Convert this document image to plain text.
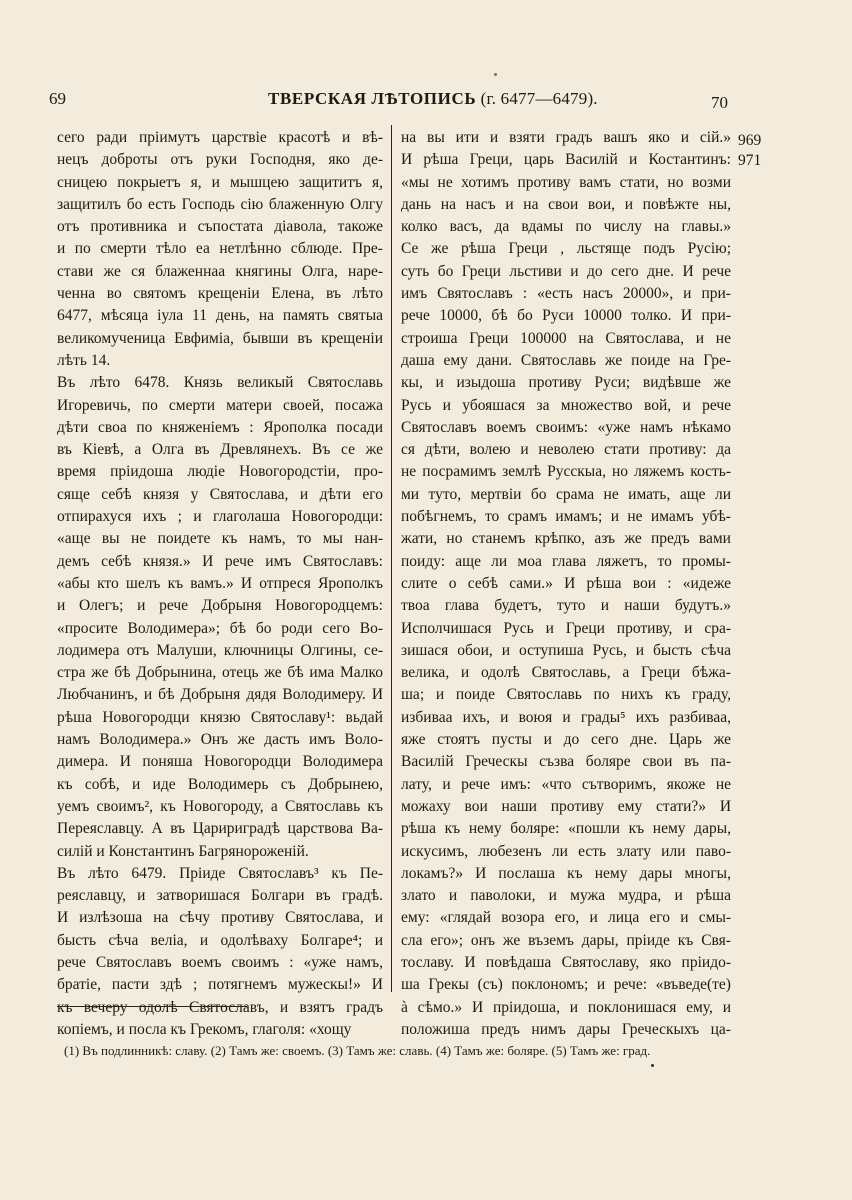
69	ТВЕРСКАЯ ЛѢТОПИСЬ (г. 6477—6479).	70
сего ради прiимутъ царствiе красотѣ и вѣ-
нецъ доброты отъ руки Господня, яко де-
сницею покрыетъ я, и мышцею защититъ я,
защитилъ бо есть Господь сiю блаженную Олгу
отъ противника и съпостата дiавола, такоже
и по смерти тѣло еа нетлѣнно сблюде. Пре-
стави же ся блаженнаа княгины Олга, наре-
ченна во святомъ крещенiи Елена, въ лѣто
6477, мѣсяца iула 11 день, на память святыа
великомученица Евфимiа, бывши въ крещенiи
лѣть 14.
Въ лѣто 6478. Князь великый Святославь
Игоревичь, по смерти матери своей, посажа
дѣти своа по княженiемъ : Ярополка посади
въ Кiевѣ, а Олга въ Древлянехъ. Въ се же
время прiидоша людiе Новогородстiи, про-
сяще себѣ князя у Святослава, и дѣти его
отпирахуся ихъ ; и глаголаша Новогородци:
«аще вы не поидете къ намъ, то мы нан-
демъ себѣ князя.» И рече имъ Святославъ:
«абы кто шелъ къ вамъ.» И отпреся Ярополкъ
и Олегъ; и рече Добрыня Новогородцемъ:
«просите Володимера»; бѣ бо роди сего Во-
лодимера отъ Малуши, ключницы Олгины, се-
стра же бѣ Добрынина, отець же бѣ има Малко
Любчанинъ, и бѣ Добрыня дядя Володимеру. И
рѣша Новогородци князю Святославу¹: вьдай
намъ Володимера.» Онъ же дасть имъ Воло-
димера. И поняша Новогородци Володимера
къ собѣ, и иде Володимерь съ Добрынею,
уемъ своимъ², къ Новогороду, а Святославь къ
Переяславцу. А въ Царириградѣ царствова Ва-
силiй и Константинъ Багрянороженiй.
Въ лѣто 6479. Прiиде Святославъ³ къ Пе-
реяславцу, и затворишася Болгари въ градѣ.
И излѣзоша на сѣчу противу Святослава, и
бысть сѣча велiа, и одолѣваху Болгаре⁴; и
рече Святославъ воемъ своимъ : «уже намъ,
братiе, пасти здѣ ; потягнемъ мужескы!» И
къ вечеру одолѣ Святославъ, и взятъ градъ
копiемъ, и посла къ Грекомъ, глаголя: «хощу
на вы ити и взяти градъ вашъ яко и сiй.»
И рѣша Греци, царь Василiй и Костантинъ:
«мы не хотимъ противу вамъ стати, но возми
дань на насъ и на свои вои, и повѣжте ны,
колко васъ, да вдамы по числу на главы.»
Се же рѣша Греци , льстяще подъ Русiю;
суть бо Греци льстиви и до сего дне. И рече
имъ Святославъ : «есть насъ 20000», и при-
рече 10000, бѣ бо Руси 10000 толко. И при-
строиша Греци 100000 на Святослава, и не
даша ему дани. Святославь же поиде на Гре-
кы, и изыдоша противу Руси; видѣвше же
Русь и убояшася за множество вой, и рече
Святославъ воемъ своимъ: «уже намъ нѣкамо
ся дѣти, волею и неволею стати противу: да
не посрамимъ землѣ Русскыа, но ляжемъ кость-
ми туто, мертвiи бо срама не имать, аще ли
побѣгнемъ, то срамъ имамъ; и не имамъ убѣ-
жати, но станемъ крѣпко, азъ же предъ вами
поиду: аще ли моа глава ляжетъ, то промы-
слите о себѣ сами.» И рѣша вои : «идеже
твоа глава будетъ, туто и наши будутъ.»
Исполчишася Русь и Греци противу, и сра-
зишася обои, и оступиша Русь, и бысть сѣча
велика, и одолѣ Святославь, а Греци бѣжа-
ша; и поиде Святославь по нихъ къ граду,
избиваа ихъ, и воюя и грады⁵ ихъ разбиваа,
яже стоятъ пусты и до сего дне. Царь же
Василiй Греческы съзва боляре свои въ па-
лату, и рече имъ: «что сътворимъ, якоже не
можаху вои наши противу ему стати?» И
рѣша къ нему боляре: «пошли къ нему дары,
искусимъ, любезенъ ли есть злату или паво-
локамъ?» И послаша къ нему дары многы,
злато и паволоки, и мужа мудра, и рѣша
ему: «глядай возора его, и лица его и смы-
сла его»; онъ же въземъ дары, прiиде къ Свя-
тославу. И повѣдаша Святославу, яко прiидо-
ша Грекы (съ) поклономъ; и рече: «въведе(те)
à сѣмо.» И прiидоша, и поклонишася ему, и
положиша предъ нимъ дары Греческыхъ ца-
969
971
(1) Въ подлинникѣ: славу. (2) Тамъ же: своемъ. (3) Тамъ же: славь. (4) Тамъ же: боляре. (5) Тамъ же: град.
